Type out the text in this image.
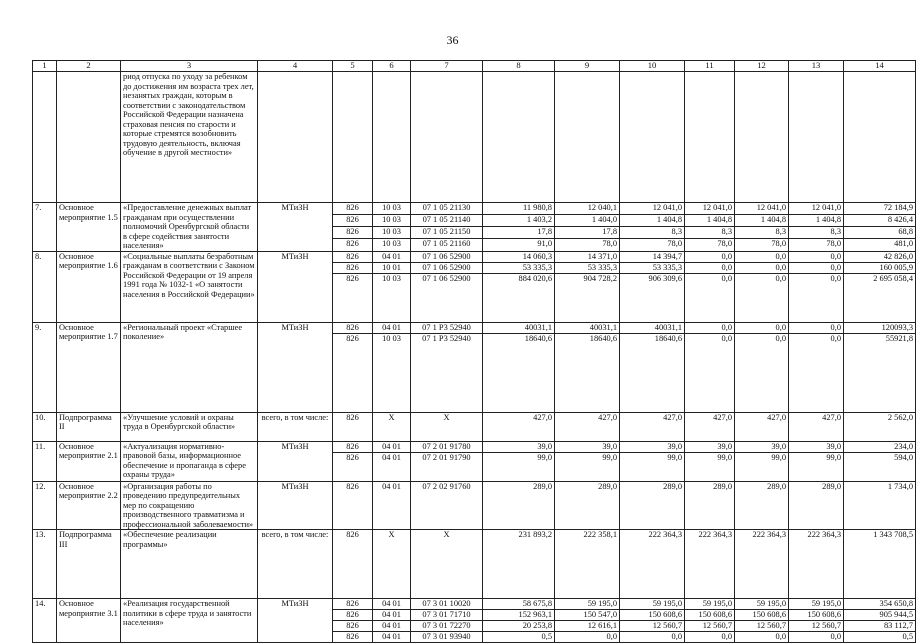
36
1	2	3	4	5	6	7	8	9	10	11	12	13	14
		риод отпуска по уходу за ребенком до достижения им возраста трех лет, незанятых граждан, которым в соответствии с законодательством Российской Федерации назначена страховая пенсия по старости и которые стремятся возобновить трудовую деятельность, включая обучение в другой местности»											
7.	Основное мероприятие 1.5	«Предоставление денежных выплат гражданам при осуществлении полномочий Оренбургской области в сфере содействия занятости населения»	МТиЗН	826	10 03	07 1 05 21130	11 980,8	12 040,1	12 041,0	12 041,0	12 041,0	12 041,0	72 184,9
				826	10 03	07 1 05 21140	1 403,2	1 404,0	1 404,8	1 404,8	1 404,8	1 404,8	8 426,4
				826	10 03	07 1 05 21150	17,8	17,8	8,3	8,3	8,3	8,3	68,8
				826	10 03	07 1 05 21160	91,0	78,0	78,0	78,0	78,0	78,0	481,0
8.	Основное мероприятие 1.6	«Социальные выплаты безработным гражданам в соответствии с Законом Российской Федерации от 19 апреля 1991 года № 1032-1 «О занятости населения в Российской Федерации»	МТиЗН	826	04 01	07 1 06 52900	14 060,3	14 371,0	14 394,7	0,0	0,0	0,0	42 826,0
				826	10 01	07 1 06 52900	53 335,3	53 335,3	53 335,3	0,0	0,0	0,0	160 005,9
				826	10 03	07 1 06 52900	884 020,6	904 728,2	906 309,6	0,0	0,0	0,0	2 695 058,4
9.	Основное мероприятие 1.7	«Региональный проект «Старшее поколение»	МТиЗН	826	04 01	07 1 P3 52940	40031,1	40031,1	40031,1	0,0	0,0	0,0	120093,3
				826	10 03	07 1 P3 52940	18640,6	18640,6	18640,6	0,0	0,0	0,0	55921,8
10.	Подпрограмма II	«Улучшение условий и охраны труда в Оренбургской области»	всего, в том числе:	826	Х	Х	427,0	427,0	427,0	427,0	427,0	427,0	2 562,0
11.	Основное мероприятие 2.1	«Актуализация нормативно-правовой базы, информационное обеспечение и пропаганда в сфере охраны труда»	МТиЗН	826	04 01	07 2 01 91780	39,0	39,0	39,0	39,0	39,0	39,0	234,0
				826	04 01	07 2 01 91790	99,0	99,0	99,0	99,0	99,0	99,0	594,0
12.	Основное мероприятие 2.2	«Организация работы по проведению предупредительных мер по сокращению производственного травматизма и профессиональной заболеваемости»	МТиЗН	826	04 01	07 2 02 91760	289,0	289,0	289,0	289,0	289,0	289,0	1 734,0
13.	Подпрограмма III	«Обеспечение реализации программы»	всего, в том числе:	826	Х	Х	231 893,2	222 358,1	222 364,3	222 364,3	222 364,3	222 364,3	1 343 708,5
14.	Основное мероприятие 3.1	«Реализация государственной политики в сфере труда и занятости населения»	МТиЗН	826	04 01	07 3 01 10020	58 675,8	59 195,0	59 195,0	59 195,0	59 195,0	59 195,0	354 650,8
				826	04 01	07 3 01 71710	152 963,1	150 547,0	150 608,6	150 608,6	150 608,6	150 608,6	905 944,5
				826	04 01	07 3 01 72270	20 253,8	12 616,1	12 560,7	12 560,7	12 560,7	12 560,7	83 112,7
				826	04 01	07 3 01 93940	0,5	0,0	0,0	0,0	0,0	0,0	0,5
